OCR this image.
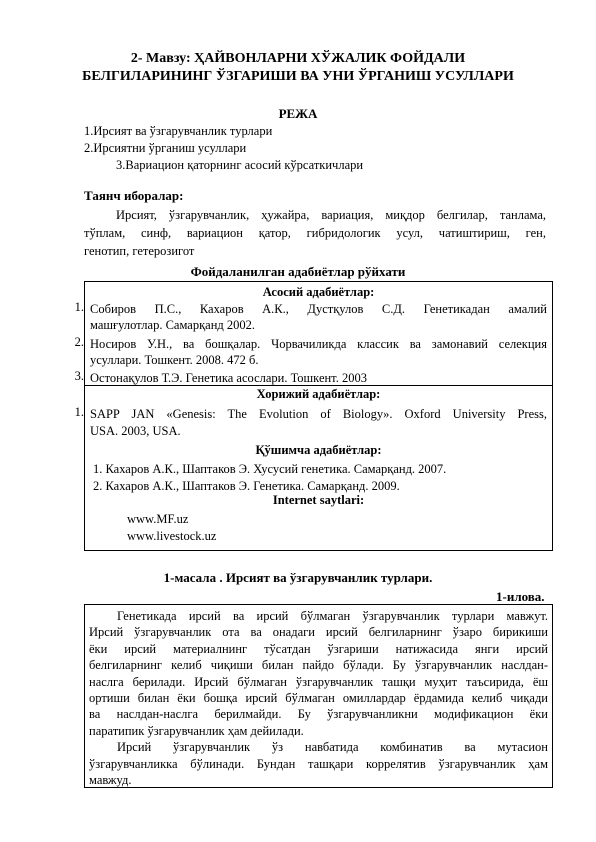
2- Мавзу: ҲАЙВОНЛАРНИ ХЎЖАЛИК ФОЙДАЛИ
БЕЛГИЛАРИНИНГ ЎЗГАРИШИ ВА УНИ ЎРГАНИШ УСУЛЛАРИ
РЕЖА
1.Ирсият ва ўзгарувчанлик турлари
2.Ирсиятни ўрганиш усуллари
3.Вариацион қаторнинг асосий кўрсаткичлари
Таянч иборалар:
Ирсият, ўзгарувчанлик, ҳужайра, вариация, миқдор белгилар, танлама,
тўплам, синф, вариацион қатор, гибридологик усул, чатиштириш, ген,
генотип, гетерозигот
Фойдаланилган адабиётлар рўйхати
Асосий адабиётлар:
Собиров П.С., Кахаров А.К., Дустқулов С.Д. Генетикадан амалий
машғулотлар. Самарқанд 2002.
Носиров У.Н., ва бошқалар. Чорвачиликда классик ва замонавий селекция
усуллари. Тошкент. 2008. 472 б.
Остонақулов Т.Э. Генетика асослари. Тошкент. 2003
Хорижий адабиётлар:
SAPP JAN «Genesis: The Evolution of Biology». Oxford University Press,
USA. 2003, USA.
Қўшимча адабиётлар:
1. Кахаров А.К., Шаптаков Э. Хусусий генетика. Самарқанд. 2007.
2. Кахаров А.К., Шаптаков Э. Генетика. Самарқанд. 2009.
Internet saytlari:
www.MF.uz
www.livestock.uz
1.
2.
3.
1.
1-масала . Ирсият ва ўзгарувчанлик турлари.
1-илова.
Генетикада ирсий ва ирсий бўлмаган ўзгарувчанлик турлари мавжут.
Ирсий ўзгарувчанлик ота ва онадаги ирсий белгиларнинг ўзаро бирикиши
ёки ирсий материалнинг тўсатдан ўзгариши натижасида янги ирсий
белгиларнинг келиб чиқиши билан пайдо бўлади. Бу ўзгарувчанлик наслдан-
наслга берилади. Ирсий бўлмаган ўзгарувчанлик ташқи муҳит таъсирида, ёш
ортиши билан ёки бошқа ирсий бўлмаган омиллардар ёрдамида келиб чиқади
ва наслдан-наслга берилмайди. Бу ўзгарувчанликни модификацион ёки
паратипик ўзгарувчанлик ҳам дейилади.
Ирсий ўзгарувчанлик ўз навбатида комбинатив ва мутасион
ўзгарувчанликка бўлинади. Бундан ташқари коррелятив ўзгарувчанлик ҳам
мавжуд.
